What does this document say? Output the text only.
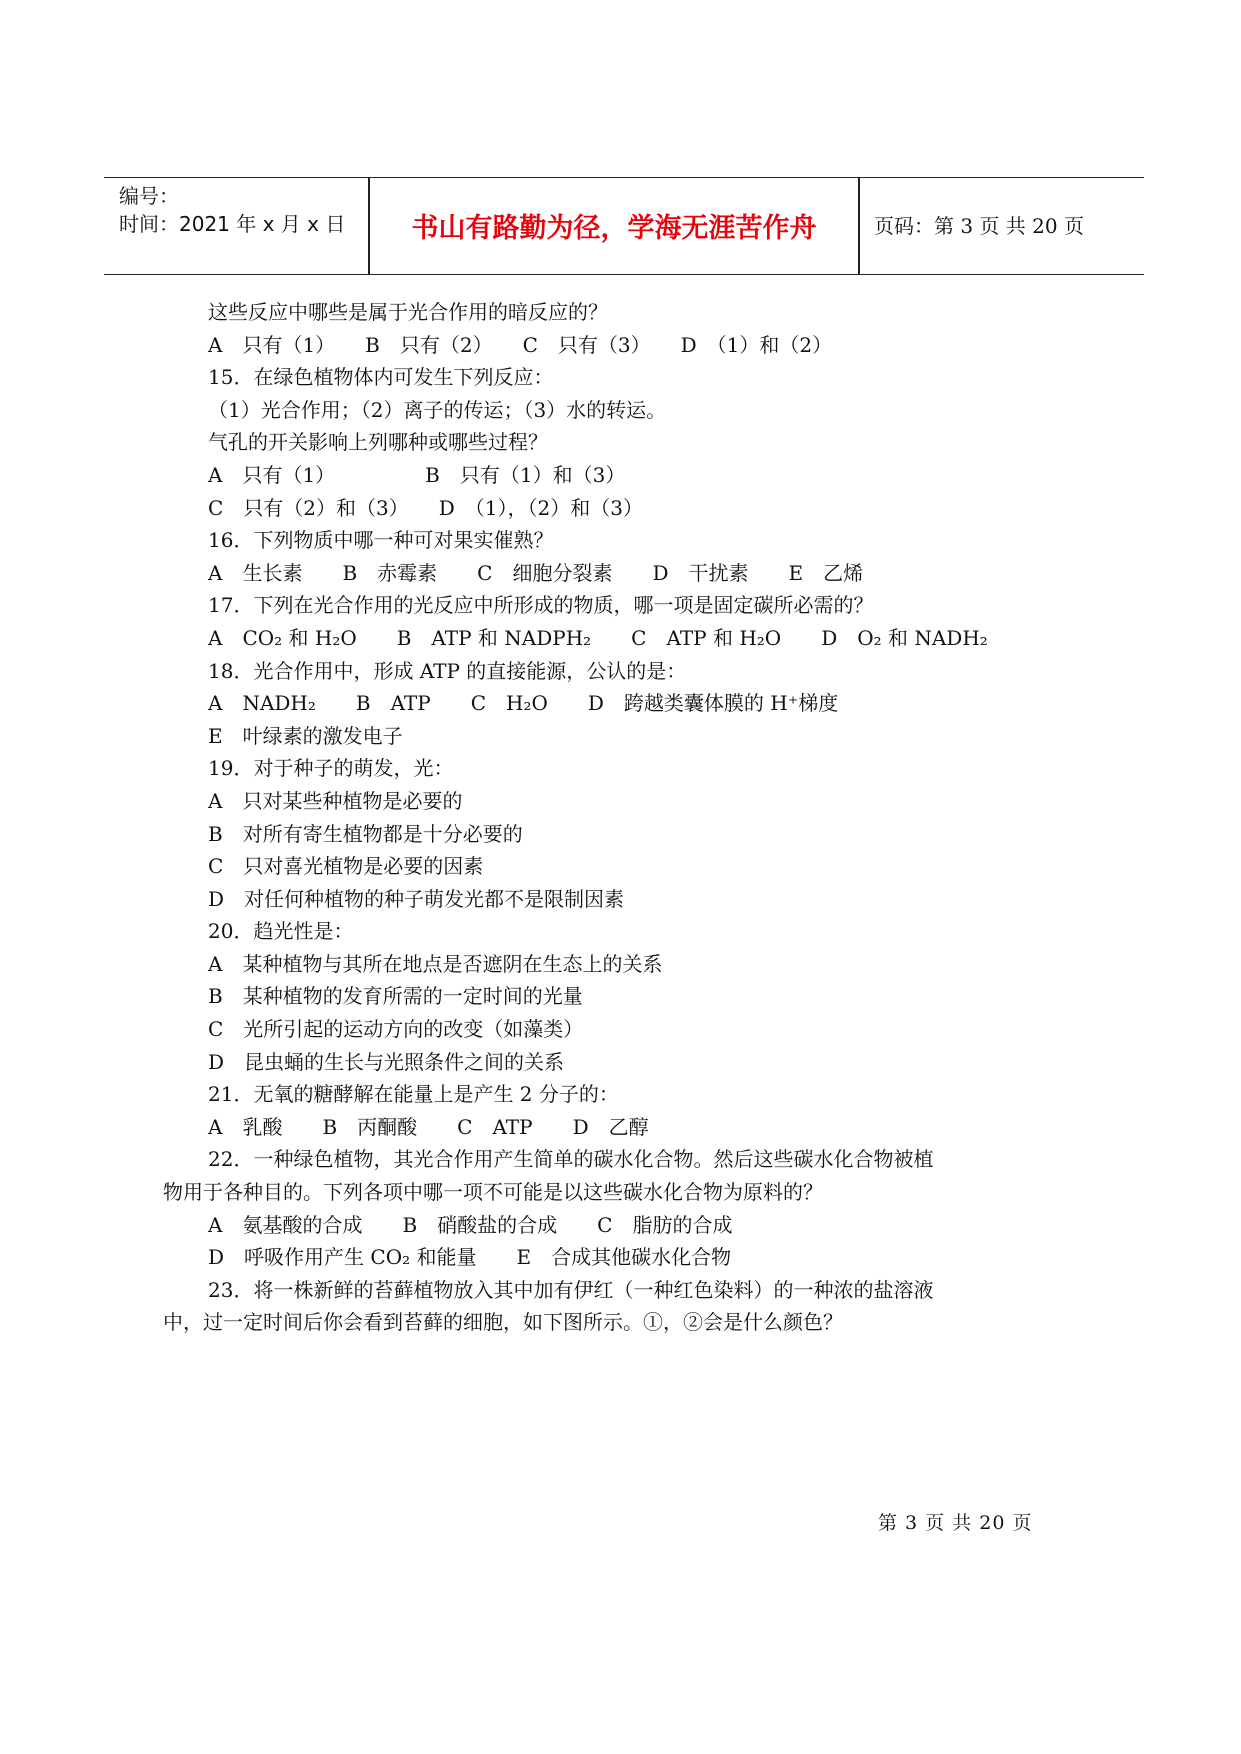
编号：
时间：2021 年 x 月 x 日	书山有路勤为径，学海无涯苦作舟	页码：第 3 页 共 20 页
这些反应中哪些是属于光合作用的暗反应的？
A　只有（1）　　B　只有（2）　　C　只有（3）　　D　（1）和（2）
15．在绿色植物体内可发生下列反应：
（1）光合作用；（2）离子的传运；（3）水的转运。
气孔的开关影响上列哪种或哪些过程？
A　只有（1）　　　　　B　只有（1）和（3）
C　只有（2）和（3）　　D　（1），（2）和（3）
16．下列物质中哪一种可对果实催熟？
A　生长素　　B　赤霉素　　C　细胞分裂素　　D　干扰素　　E　乙烯
17．下列在光合作用的光反应中所形成的物质，哪一项是固定碳所必需的？
A　CO₂ 和 H₂O　　B　ATP 和 NADPH₂　　C　ATP 和 H₂O　　D　O₂ 和 NADH₂
18．光合作用中，形成 ATP 的直接能源，公认的是：
A　NADH₂　　B　ATP　　C　H₂O　　D　跨越类囊体膜的 H⁺梯度
E　叶绿素的激发电子
19．对于种子的萌发，光：
A　只对某些种植物是必要的
B　对所有寄生植物都是十分必要的
C　只对喜光植物是必要的因素
D　对任何种植物的种子萌发光都不是限制因素
20．趋光性是：
A　某种植物与其所在地点是否遮阴在生态上的关系
B　某种植物的发育所需的一定时间的光量
C　光所引起的运动方向的改变（如藻类）
D　昆虫蛹的生长与光照条件之间的关系
21．无氧的糖酵解在能量上是产生 2 分子的：
A　乳酸　　B　丙酮酸　　C　ATP　　D　乙醇
22．一种绿色植物，其光合作用产生简单的碳水化合物。然后这些碳水化合物被植
物用于各种目的。下列各项中哪一项不可能是以这些碳水化合物为原料的？
A　氨基酸的合成　　B　硝酸盐的合成　　C　脂肪的合成
D　呼吸作用产生 CO₂ 和能量　　E　合成其他碳水化合物
23．将一株新鲜的苔藓植物放入其中加有伊红（一种红色染料）的一种浓的盐溶液
中，过一定时间后你会看到苔藓的细胞，如下图所示。①，②会是什么颜色？
第 3 页 共 20 页
